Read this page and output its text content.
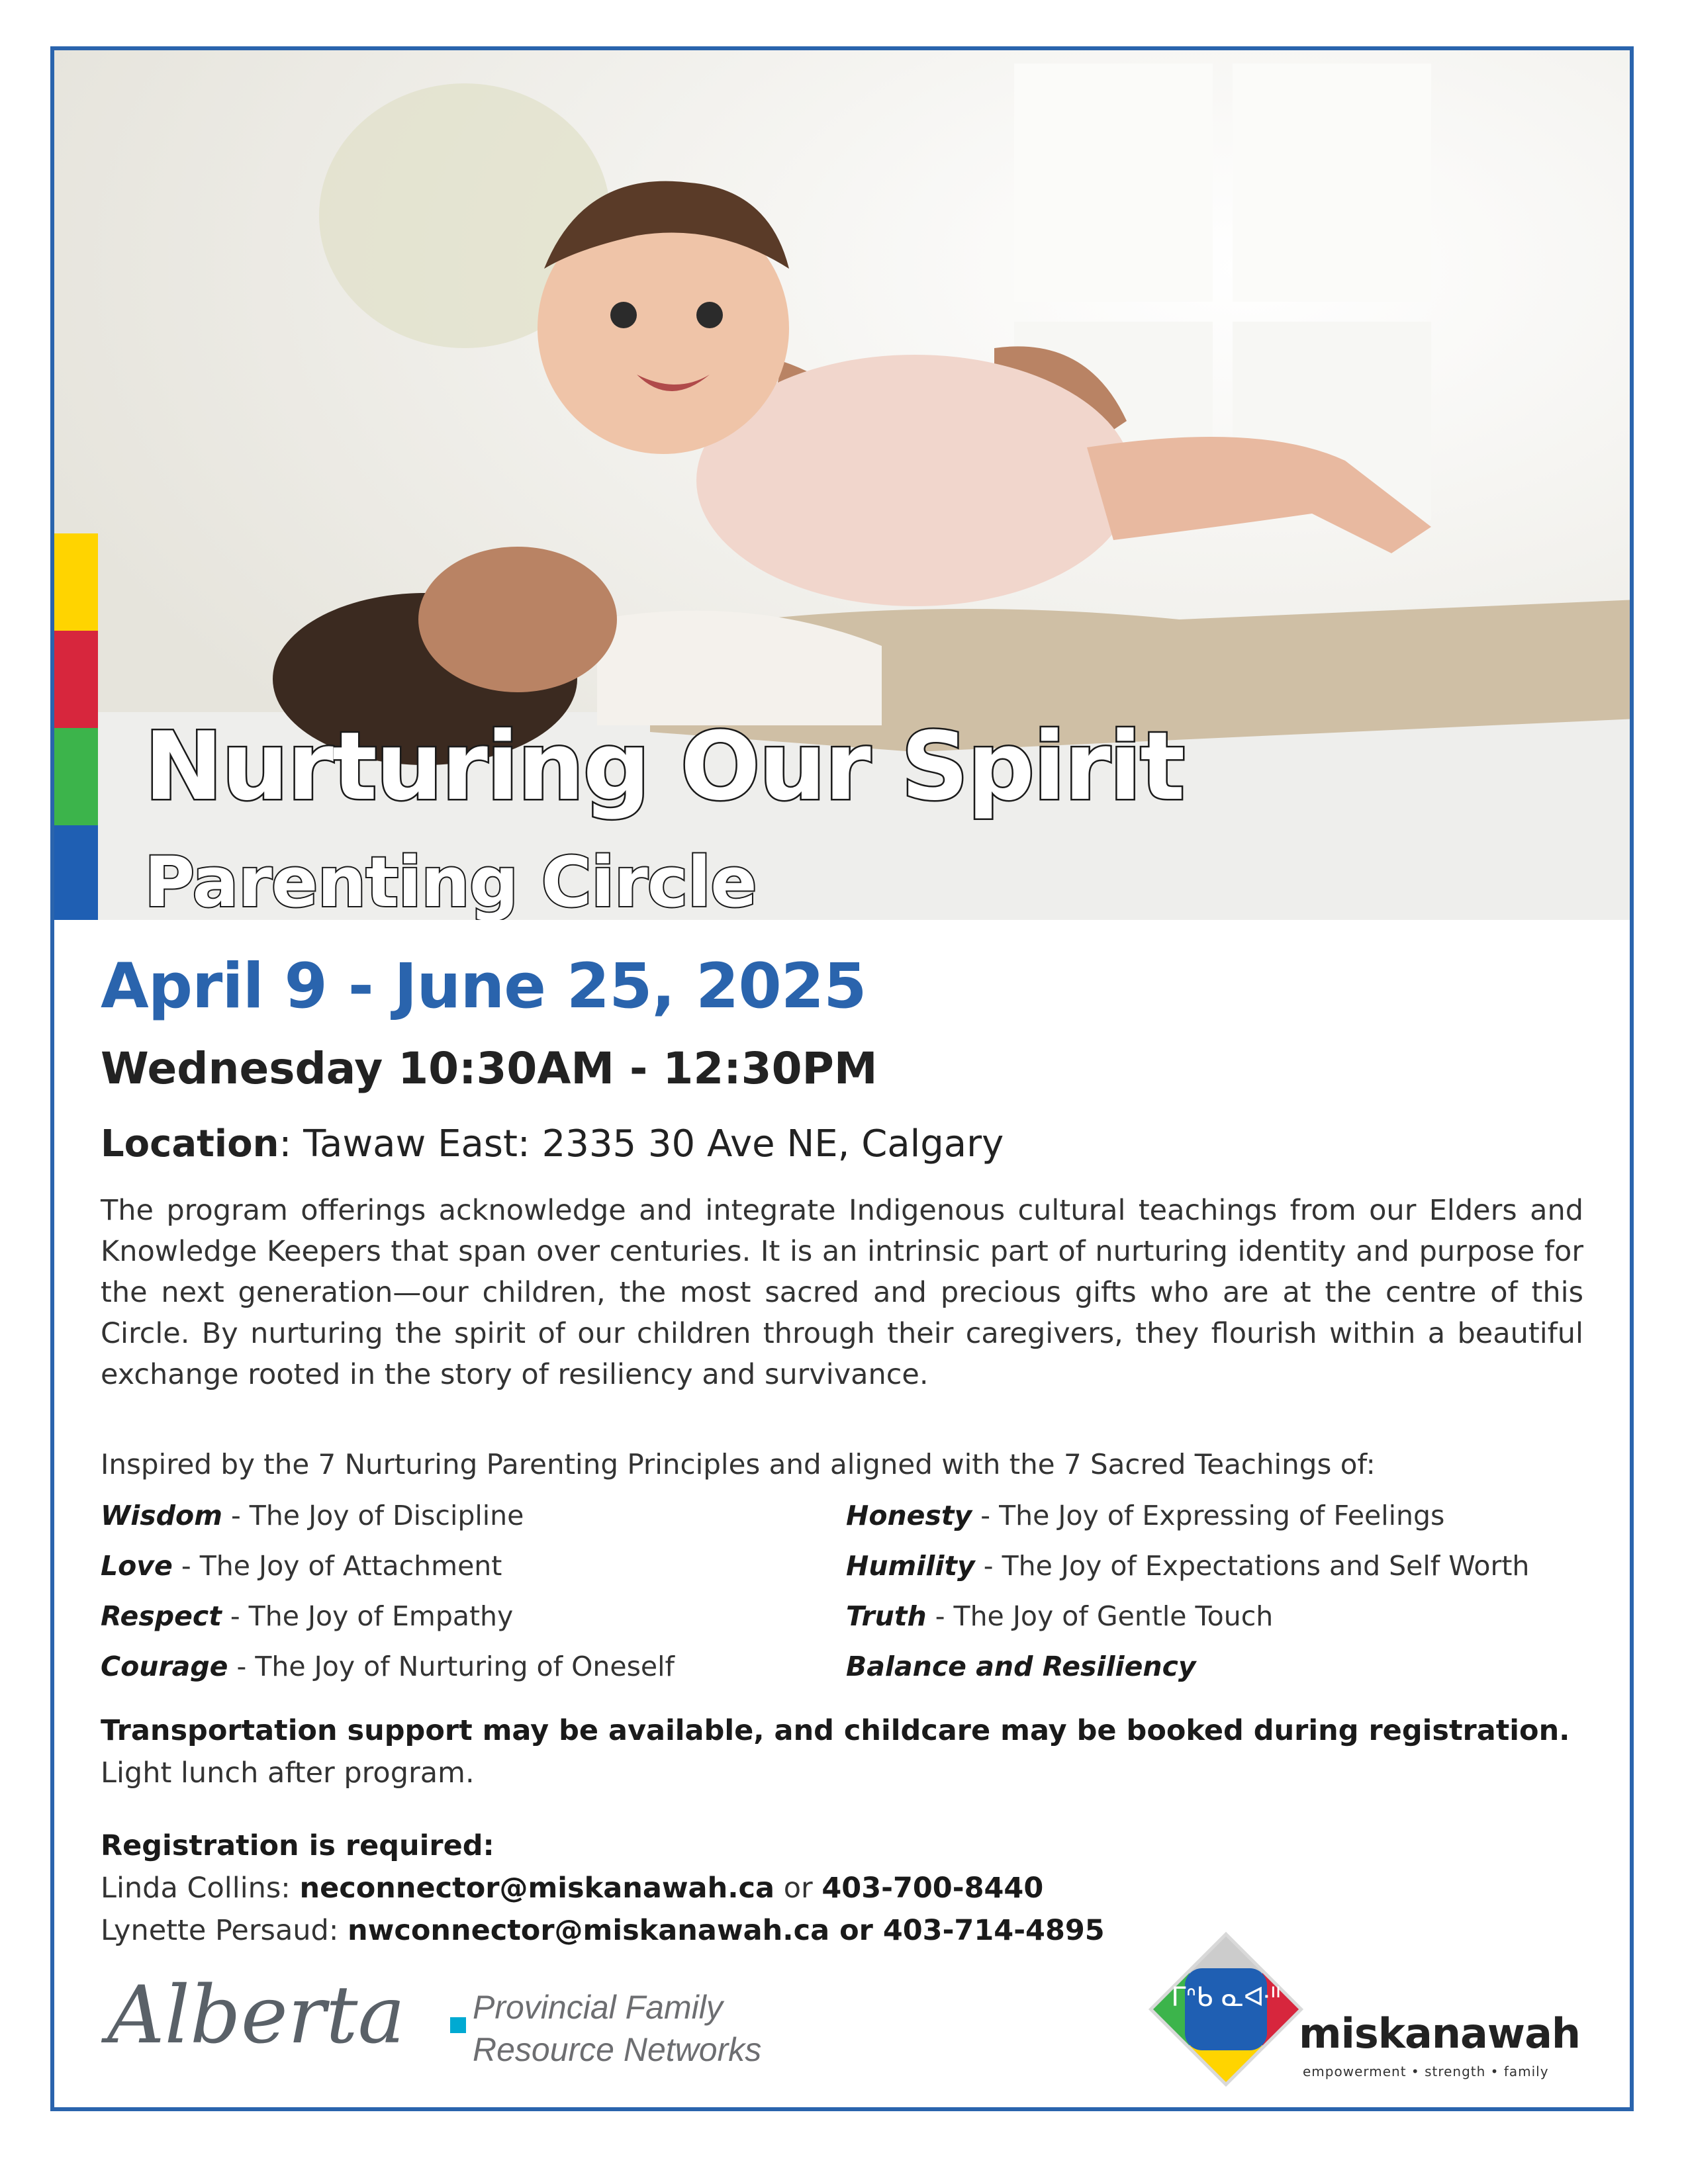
Nurturing Our Spirit
Parenting Circle
April 9 - June 25, 2025
Wednesday 10:30AM - 12:30PM
Location: Tawaw East: 2335 30 Ave NE, Calgary
The program offerings acknowledge and integrate Indigenous cultural teachings from our Elders and Knowledge Keepers that span over centuries. It is an intrinsic part of nurturing identity and purpose for the next generation—our children, the most sacred and precious gifts who are at the centre of this Circle. By nurturing the spirit of our children through their caregivers, they flourish within a beautiful exchange rooted in the story of resiliency and survivance.
Inspired by the 7 Nurturing Parenting Principles and aligned with the 7 Sacred Teachings of:
Wisdom - The Joy of Discipline
Love - The Joy of Attachment
Respect - The Joy of Empathy
Courage - The Joy of Nurturing of Oneself
Honesty - The Joy of Expressing of Feelings
Humility - The Joy of Expectations and Self Worth
Truth - The Joy of Gentle Touch
Balance and Resiliency
Transportation support may be available, and childcare may be booked during registration.
Light lunch after program.
Registration is required:
Linda Collins: neconnector@miskanawah.ca or 403-700-8440
Lynette Persaud: nwconnector@miskanawah.ca or 403-714-4895
Alberta Provincial Family
Resource Networks
ᒥᐢᑲ ᓇᐘᐦ
miskanawah
empowerment • strength • family
